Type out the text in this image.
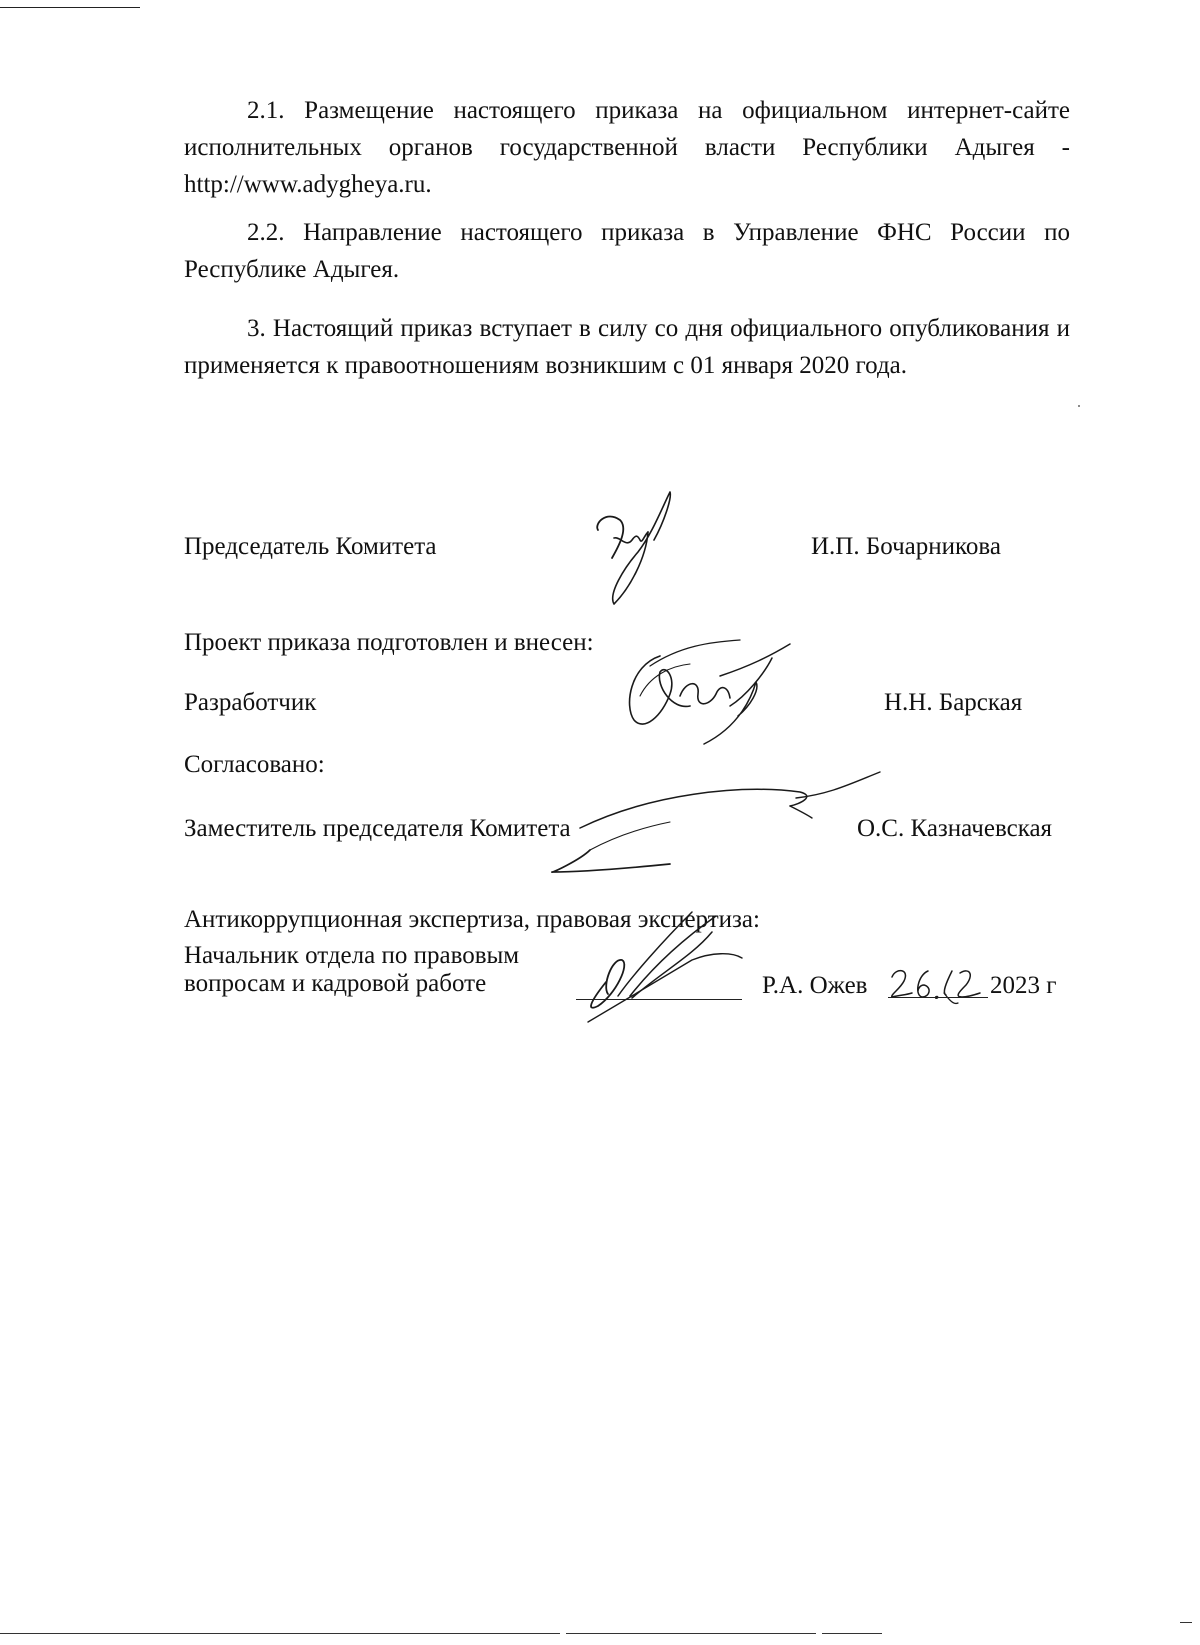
2.1. Размещение настоящего приказа на официальном интернет-сайте исполнительных органов государственной власти Республики Адыгея - http://www.adygheya.ru.

2.2. Направление настоящего приказа в Управление ФНС России по Республике Адыгея.

3. Настоящий приказ вступает в силу со дня официального опубликования и применяется к правоотношениям возникшим с 01 января 2020 года.

Председатель Комитета	И.П. Бочарникова

Проект приказа подготовлен и внесен:

Разработчик	Н.Н. Барская

Согласовано:

Заместитель председателя Комитета	О.С. Казначевская

Антикоррупционная экспертиза, правовая экспертиза:

Начальник отдела по правовым

вопросам и кадровой работе	Р.А. Ожев	2023 г
